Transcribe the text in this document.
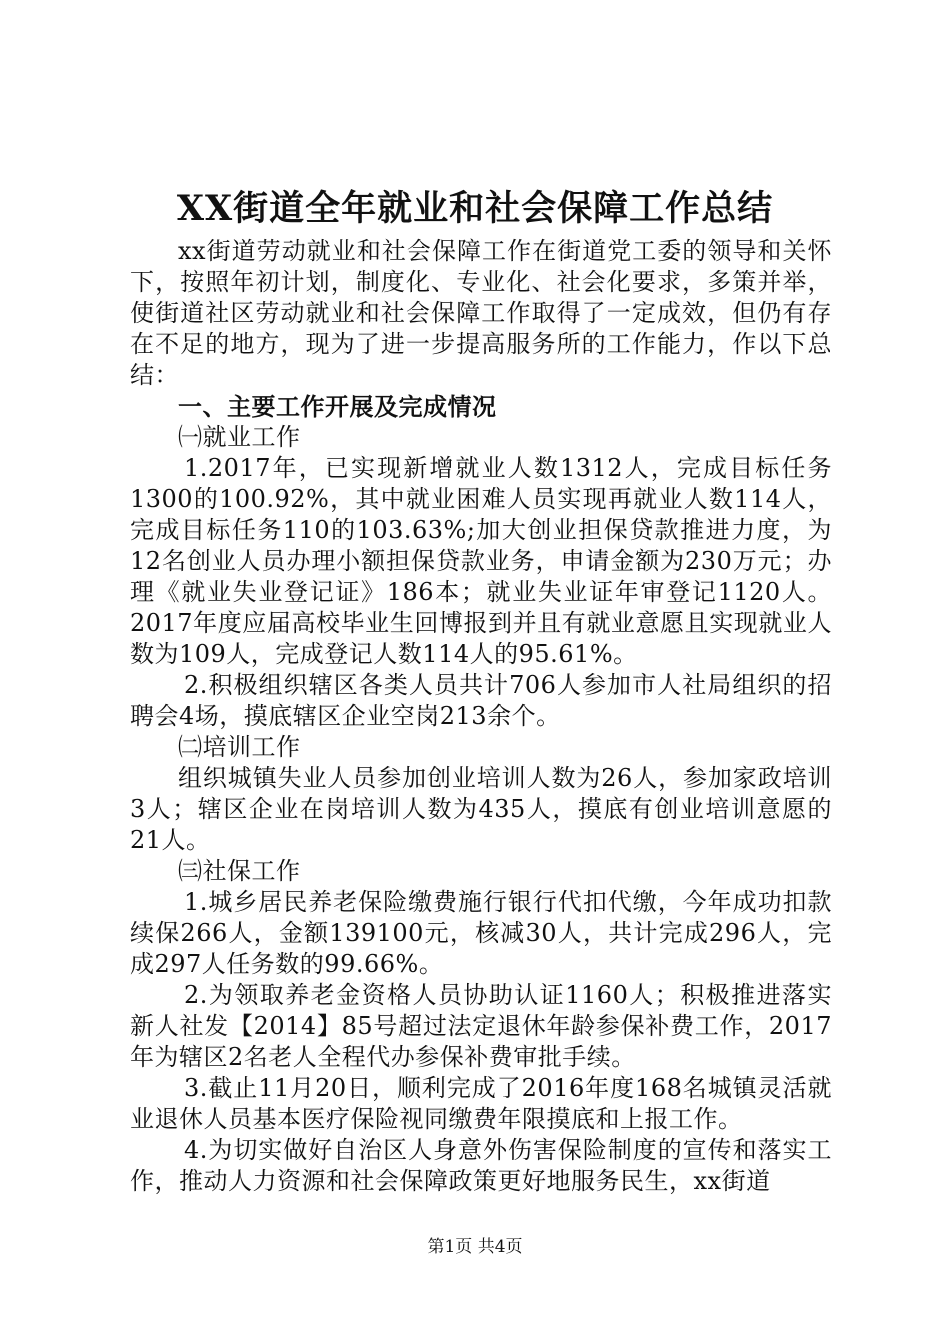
XX街道全年就业和社会保障工作总结

xx街道劳动就业和社会保障工作在街道党工委的领导和关怀下，按照年初计划，制度化、专业化、社会化要求，多策并举，使街道社区劳动就业和社会保障工作取得了一定成效，但仍有存在不足的地方，现为了进一步提高服务所的工作能力，作以下总结：

一、主要工作开展及完成情况

㈠就业工作

1.2017年，已实现新增就业人数1312人，完成目标任务1300的100.92%，其中就业困难人员实现再就业人数114人，完成目标任务110的103.63%;加大创业担保贷款推进力度，为12名创业人员办理小额担保贷款业务，申请金额为230万元；办理《就业失业登记证》186本；就业失业证年审登记1120人。2017年度应届高校毕业生回博报到并且有就业意愿且实现就业人数为109人，完成登记人数114人的95.61%。

2.积极组织辖区各类人员共计706人参加市人社局组织的招聘会4场，摸底辖区企业空岗213余个。

㈡培训工作

组织城镇失业人员参加创业培训人数为26人，参加家政培训3人；辖区企业在岗培训人数为435人，摸底有创业培训意愿的21人。

㈢社保工作

1.城乡居民养老保险缴费施行银行代扣代缴，今年成功扣款续保266人，金额139100元，核减30人，共计完成296人，完成297人任务数的99.66%。

2.为领取养老金资格人员协助认证1160人；积极推进落实新人社发【2014】85号超过法定退休年龄参保补费工作，2017年为辖区2名老人全程代办参保补费审批手续。

3.截止11月20日，顺利完成了2016年度168名城镇灵活就业退休人员基本医疗保险视同缴费年限摸底和上报工作。

4.为切实做好自治区人身意外伤害保险制度的宣传和落实工作，推动人力资源和社会保障政策更好地服务民生，xx街道

第1页 共4页
